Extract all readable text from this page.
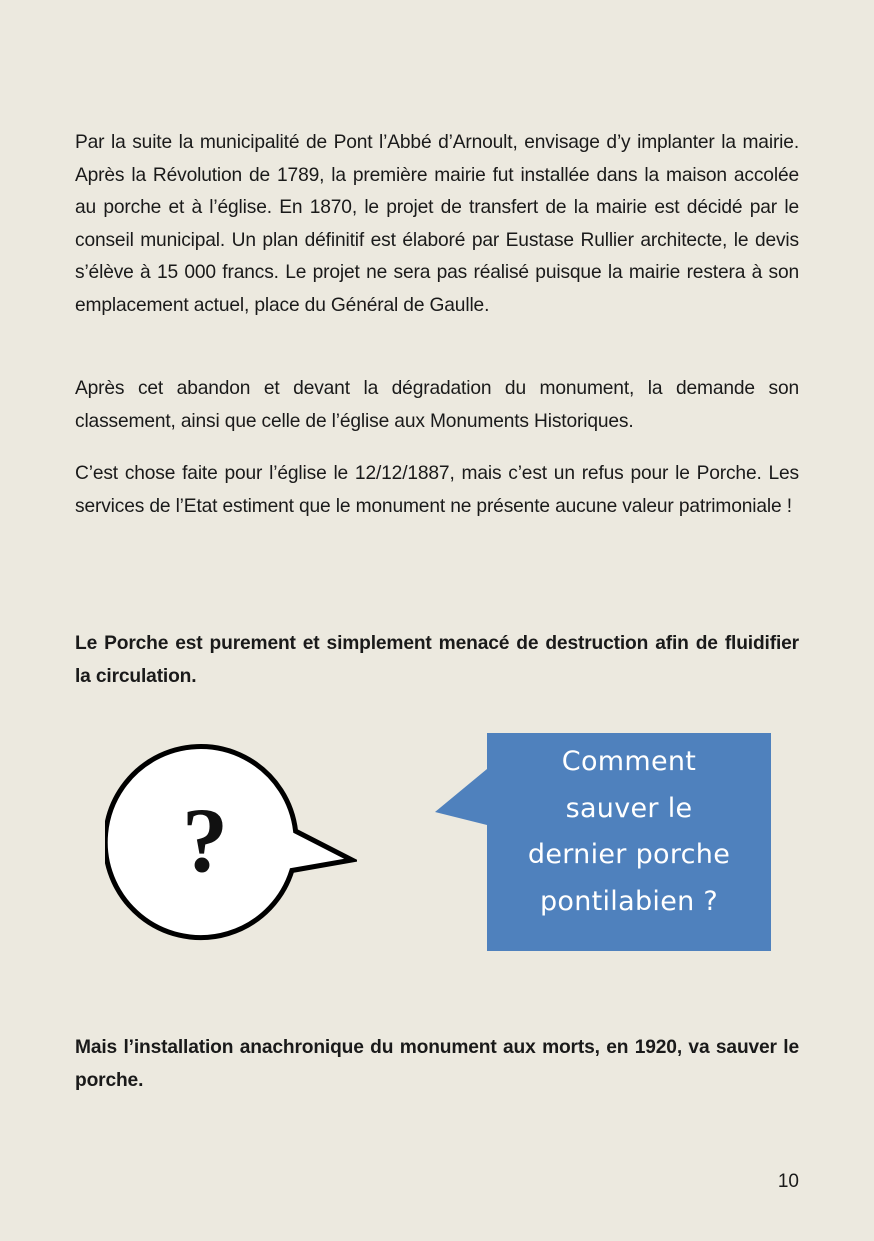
Par la suite la municipalité de Pont l’Abbé d’Arnoult, envisage d’y implanter la mairie. Après la Révolution de 1789, la première mairie fut installée dans la maison accolée au porche et à l’église. En 1870, le projet de transfert de la mairie est décidé par le conseil municipal. Un plan définitif est élaboré par Eustase Rullier architecte, le devis s’élève à 15 000 francs. Le projet ne sera pas réalisé puisque la mairie restera à son emplacement actuel, place du Général de Gaulle.

Après cet abandon et devant la dégradation du monument, la demande son classement, ainsi que celle de l’église aux Monuments Historiques.

C’est chose faite pour l’église le 12/12/1887, mais c’est un refus pour le Porche. Les services de l’Etat estiment que le monument ne présente aucune valeur patrimoniale !

Le Porche est purement et simplement menacé de destruction afin de fluidifier la circulation.

?
Comment
sauver le
dernier porche
pontilabien ?

Mais l’installation anachronique du monument aux morts, en 1920, va sauver le porche.

10
